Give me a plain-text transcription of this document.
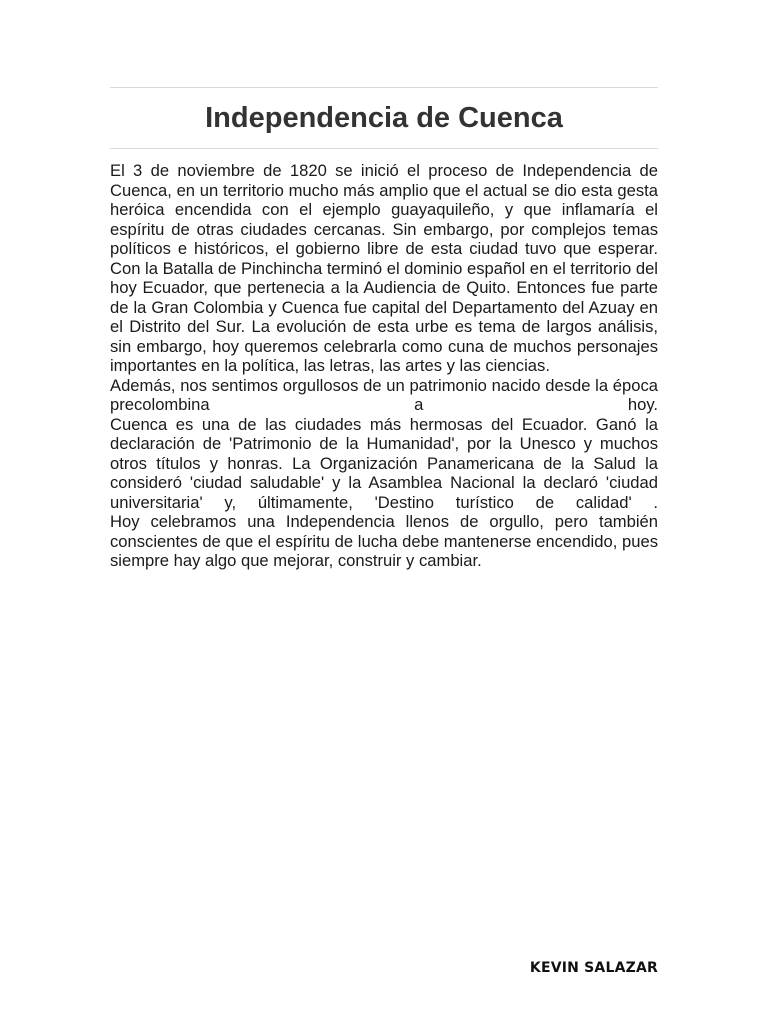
Independencia de Cuenca

El 3 de noviembre de 1820 se inició el proceso de Independencia de Cuenca, en un territorio mucho más amplio que el actual se dio esta gesta heróica encendida con el ejemplo guayaquileño, y que inflamaría el espíritu de otras ciudades cercanas. Sin embargo, por complejos temas políticos e históricos, el gobierno libre de esta ciudad tuvo que esperar. Con la Batalla de Pinchincha terminó el dominio español en el territorio del hoy Ecuador, que pertenecia a la Audiencia de Quito. Entonces fue parte de la Gran Colombia y Cuenca fue capital del Departamento del Azuay en el Distrito del Sur. La evolución de esta urbe es tema de largos análisis, sin embargo, hoy queremos celebrarla como cuna de muchos personajes importantes en la política, las letras, las artes y las ciencias.

Además, nos sentimos orgullosos de un patrimonio nacido desde la época precolombina a hoy.

Cuenca es una de las ciudades más hermosas del Ecuador. Ganó la declaración de 'Patrimonio de la Humanidad', por la Unesco y muchos otros títulos y honras. La Organización Panamericana de la Salud la consideró 'ciudad saludable' y la Asamblea Nacional la declaró 'ciudad universitaria' y, últimamente, 'Destino turístico de calidad' .

Hoy celebramos una Independencia llenos de orgullo, pero también conscientes de que el espíritu de lucha debe mantenerse encendido, pues siempre hay algo que mejorar, construir y cambiar.

KEVIN SALAZAR
